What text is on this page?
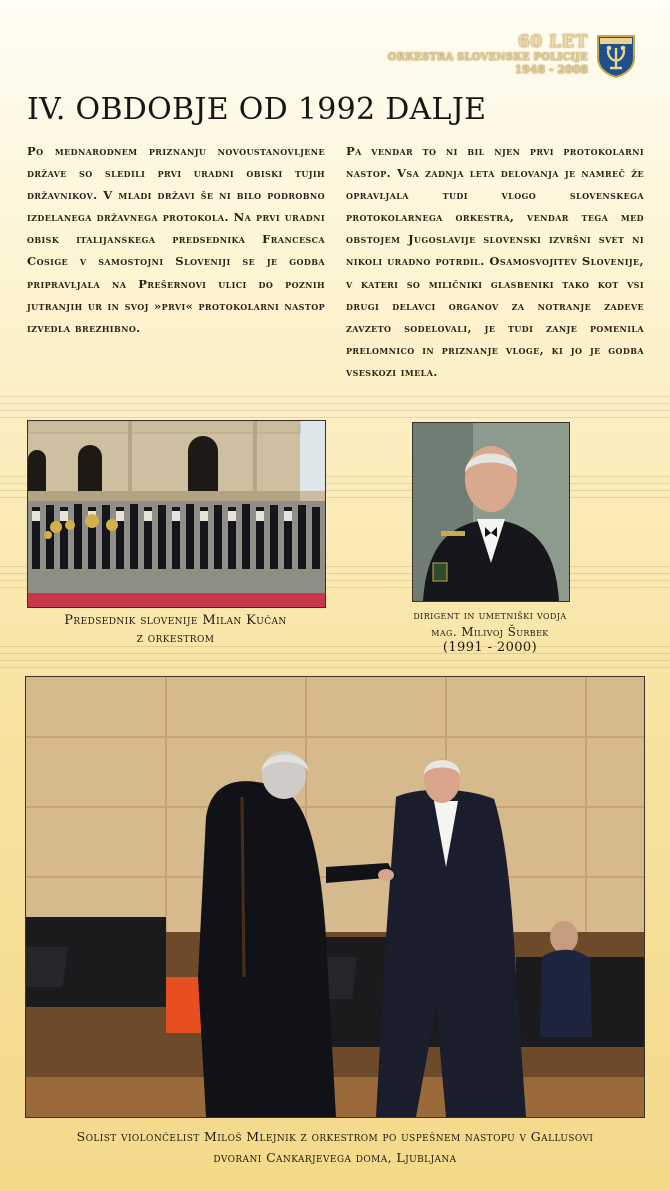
60 LET
ORKESTRA SLOVENSKE POLICIJE
1948 - 2008
IV. OBDOBJE OD 1992 DALJE
Po mednarodnem priznanju novoustanovljene države so sledili prvi uradni obiski tujih državnikov. V mladi državi še ni bilo podrobno izdelanega državnega protokola. Na prvi uradni obisk italijanskega predsednika Francesca Cosige v samostojni Sloveniji se je godba pripravljala na Prešernovi ulici do poznih jutranjih ur in svoj »prvi« protokolarni nastop izvedla brezhibno.
Pa vendar to ni bil njen prvi protokolarni nastop. Vsa zadnja leta delovanja je namreč že opravljala tudi vlogo slovenskega protokolarnega orkestra, vendar tega med obstojem Jugoslavije slovenski izvršni svet ni nikoli uradno potrdil. Osamosvojitev Slovenije, v kateri so miličniki glasbeniki tako kot vsi drugi delavci organov za notranje zadeve zavzeto sodelovali, je tudi zanje pomenila prelomnico in priznanje vloge, ki jo je godba vseskozi imela.
Predsednik slovenije Milan Kučan
z orkestrom
dirigent in umetniški vodja
mag. Milivoj Šurbek
(1991 - 2000)
Solist violončelist Miloš Mlejnik z orkestrom po uspešnem nastopu v Gallusovi
dvorani Cankarjevega doma, Ljubljana
